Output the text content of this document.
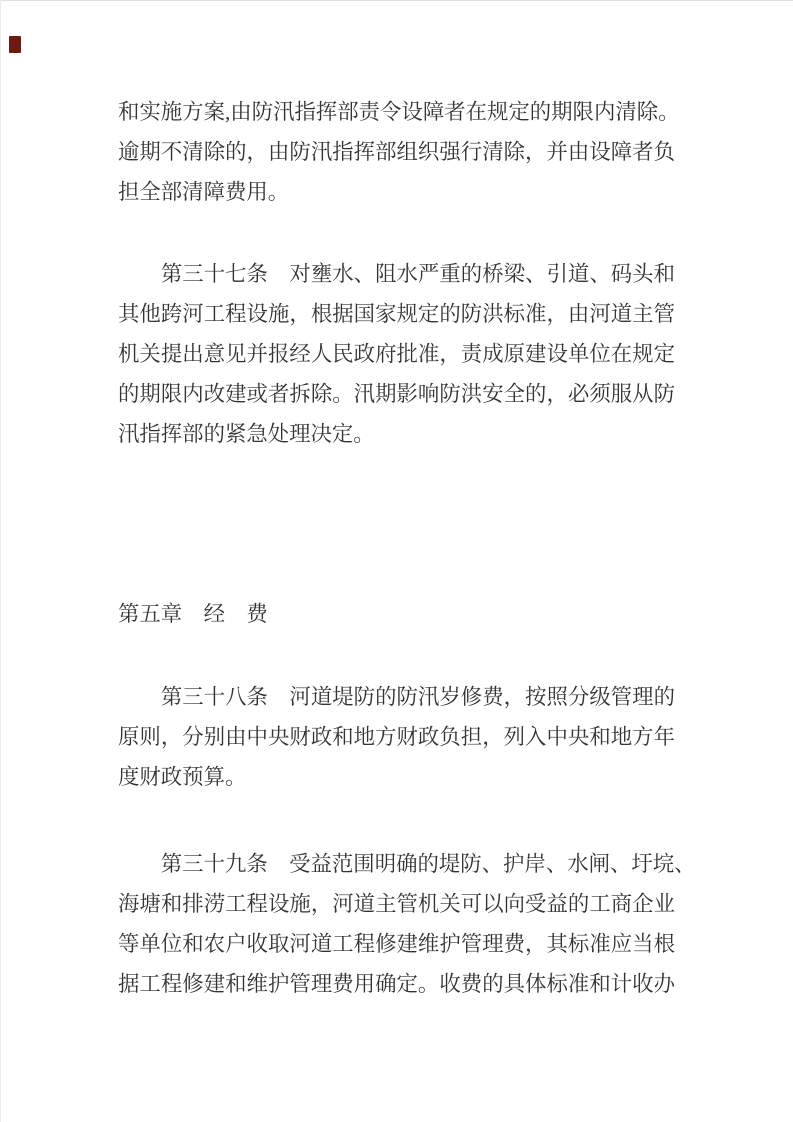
和实施方案,由防汛指挥部责令设障者在规定的期限内清除。
逾期不清除的，由防汛指挥部组织强行清除，并由设障者负
担全部清障费用。
　　第三十七条　对壅水、阻水严重的桥梁、引道、码头和
其他跨河工程设施，根据国家规定的防洪标准，由河道主管
机关提出意见并报经人民政府批准，责成原建设单位在规定
的期限内改建或者拆除。汛期影响防洪安全的，必须服从防
汛指挥部的紧急处理决定。
第五章　经　费
　　第三十八条　河道堤防的防汛岁修费，按照分级管理的
原则，分别由中央财政和地方财政负担，列入中央和地方年
度财政预算。
　　第三十九条　受益范围明确的堤防、护岸、水闸、圩垸、
海塘和排涝工程设施，河道主管机关可以向受益的工商企业
等单位和农户收取河道工程修建维护管理费，其标准应当根
据工程修建和维护管理费用确定。收费的具体标准和计收办
